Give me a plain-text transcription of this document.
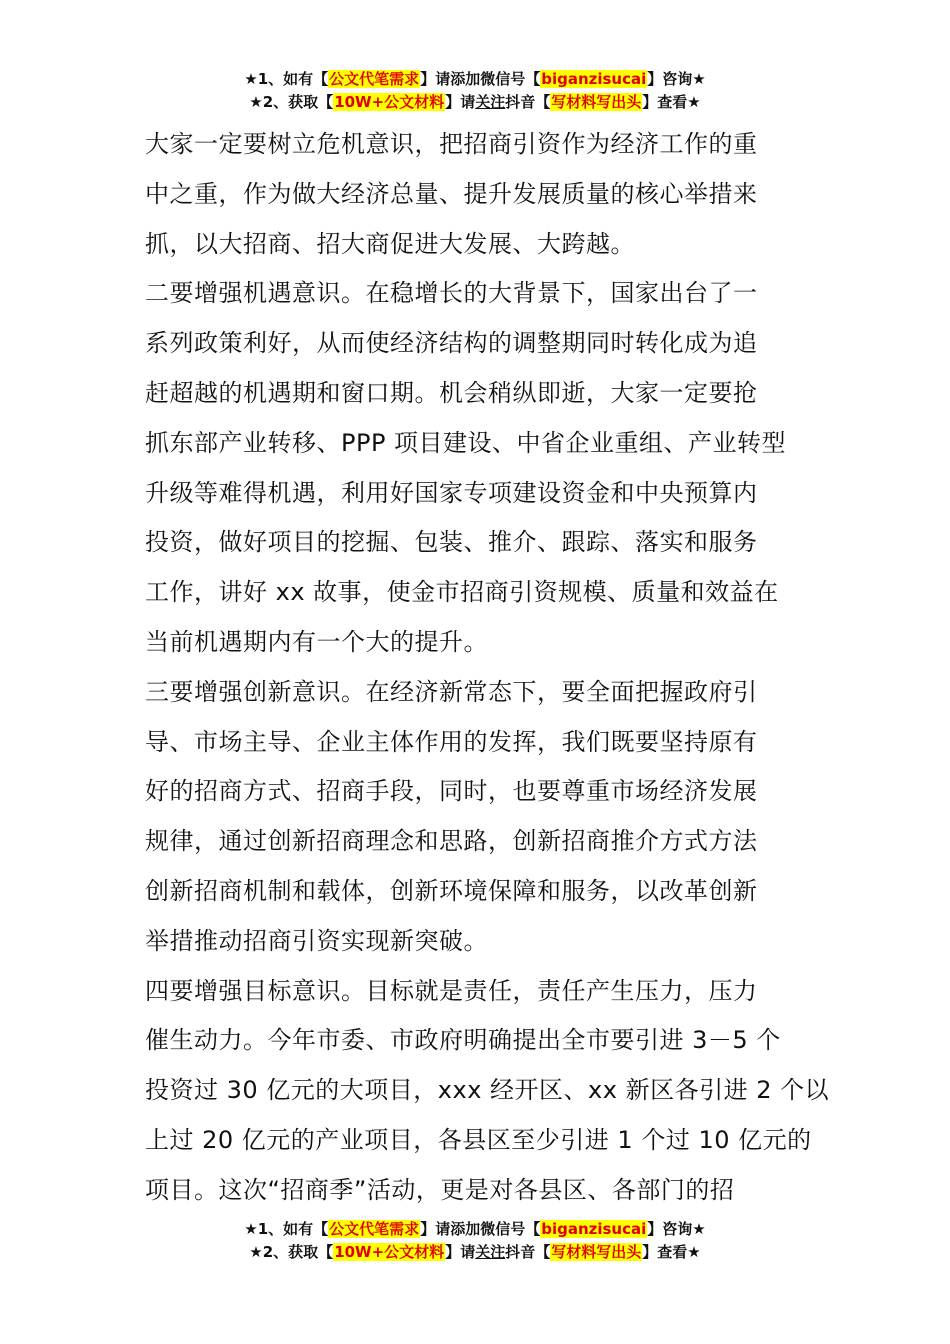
★1、如有【公文代笔需求】请添加微信号【biganzisucai】咨询★
★2、获取【10W+公文材料】请关注抖音【写材料写出头】查看★

大家一定要树立危机意识，把招商引资作为经济工作的重
中之重，作为做大经济总量、提升发展质量的核心举措来
抓，以大招商、招大商促进大发展、大跨越。

二要增强机遇意识。在稳增长的大背景下，国家出台了一
系列政策利好，从而使经济结构的调整期同时转化成为追
赶超越的机遇期和窗口期。机会稍纵即逝，大家一定要抢
抓东部产业转移、PPP 项目建设、中省企业重组、产业转型
升级等难得机遇，利用好国家专项建设资金和中央预算内
投资，做好项目的挖掘、包装、推介、跟踪、落实和服务
工作，讲好 xx 故事，使金市招商引资规模、质量和效益在
当前机遇期内有一个大的提升。

三要增强创新意识。在经济新常态下，要全面把握政府引
导、市场主导、企业主体作用的发挥，我们既要坚持原有
好的招商方式、招商手段，同时，也要尊重市场经济发展
规律，通过创新招商理念和思路，创新招商推介方式方法
创新招商机制和载体，创新环境保障和服务，以改革创新
举措推动招商引资实现新突破。

四要增强目标意识。目标就是责任，责任产生压力，压力
催生动力。今年市委、市政府明确提出全市要引进 3－5 个
投资过 30 亿元的大项目，xxx 经开区、xx 新区各引进 2 个以
上过 20 亿元的产业项目，各县区至少引进 1 个过 10 亿元的
项目。这次“招商季”活动，更是对各县区、各部门的招

★1、如有【公文代笔需求】请添加微信号【biganzisucai】咨询★
★2、获取【10W+公文材料】请关注抖音【写材料写出头】查看★
